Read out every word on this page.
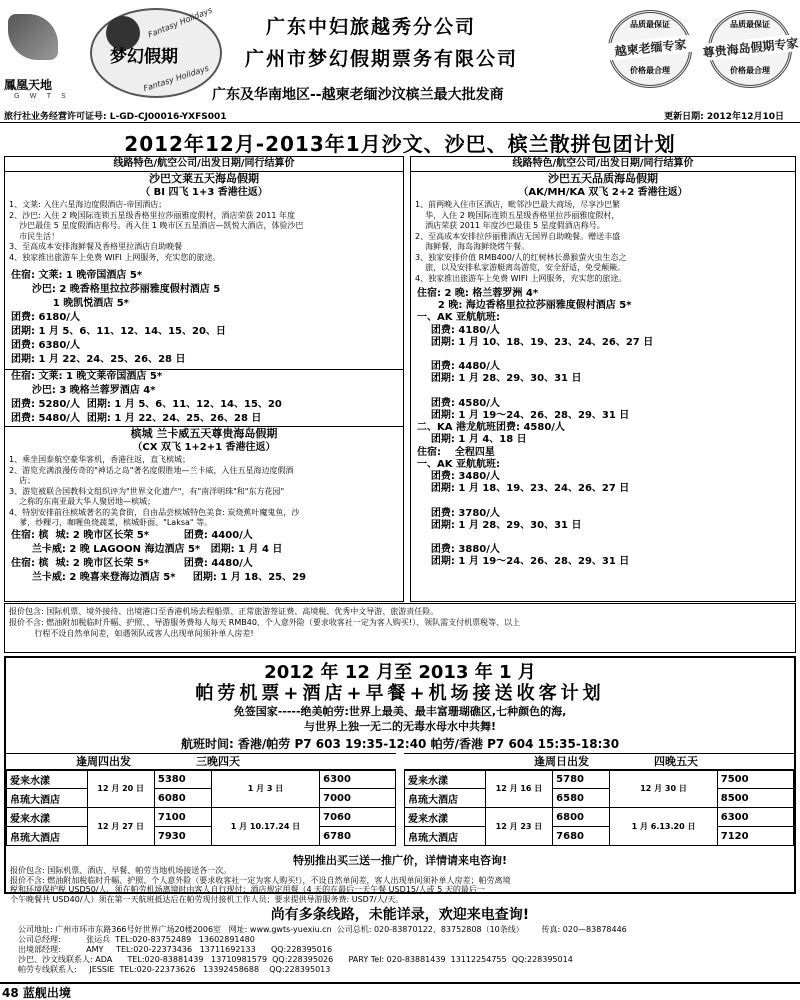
鳳凰天地
G W T S
Fantasy Holidays
梦幻假期
Fantasy Holidays
广东中妇旅越秀分公司
广州市梦幻假期票务有限公司
广东及华南地区--越柬老缅沙汶槟兰最大批发商
品质最保证
越柬老缅专家
价格最合理
品质最保证
尊贵海岛假期专家
价格最合理
旅行社业务经营许可证号: L-GD-CJ00016-YXFS001	更新日期: 2012年12月10日
2012年12月-2013年1月沙文、沙巴、槟兰散拼包团计划
线路特色/航空公司/出发日期/同行结算价
沙巴文莱五天海岛假期
（ BI 四飞 1+3 香港往返）
1、文莱: 入住六星海边度假酒店-帝国酒店；
2、沙巴: 入住 2 晚国际连锁五星级香格里拉莎丽雅度假村，酒店荣获 2011 年度
沙巴最佳 5 星度假酒店称号。再入住 1 晚市区五星酒店—凯悦大酒店，体验沙巴
市民生活！
3、至高成本安排海鲜餐及香格里拉酒店自助晚餐
4、独家推出旅游车上免费 WIFI 上网服务，充实您的旅途。
住宿: 文莱: 1 晚帝国酒店 5*
沙巴: 2 晚香格里拉拉莎丽雅度假村酒店 5
1 晚凯悦酒店 5*
团费: 6180/人
团期: 1 月 5、6、11、12、14、15、20、日
团费: 6380/人
团期: 1 月 22、24、25、26、28 日
住宿: 文莱: 1 晚文莱帝国酒店 5*
沙巴: 3 晚格兰蓉罗酒店 4*
团费: 5280/人  团期: 1 月 5、6、11、12、14、15、20
团费: 5480/人  团期: 1 月 22、24、25、26、28 日
槟城 兰卡威五天尊贵海岛假期
（CX 双飞 1+2+1 香港往返）
1、乘坐国泰航空豪华客机，香港往返，直飞槟城；
2、游览充满浪漫传奇的"神话之岛"著名度假胜地—兰卡威，入住五星海边度假酒
店；
3、游览被联合国教科文组织评为"世界文化遗产"，有"南洋明珠"和"东方花园"
之称的东南亚最大华人聚居地—槟城；
4、特别安排前往槟城著名的美食街，自由品尝槟城特色美食: 炭烧蕉叶魔鬼鱼，沙
爹，炒粿刁，咖喱鱼烧蔬菜，槟城虾面、"Laksa" 等。
住宿: 槟  城: 2 晚市区长荣 5*          团费: 4400/人
兰卡威: 2 晚 LAGOON 海边酒店 5*   团期: 1 月 4 日
住宿: 槟  城: 2 晚市区长荣 5*          团费: 4480/人
兰卡威: 2 晚喜来登海边酒店 5*     团期: 1 月 18、25、29
线路特色/航空公司/出发日期/同行结算价
沙巴五天品质海岛假期
（AK/MH/KA 双飞 2+2 香港往返）
1、前两晚入住市区酒店，毗邻沙巴最大商场，尽享沙巴繁
华，入住 2 晚国际连锁五星级香格里拉莎丽雅度假村，
酒店荣获 2011 年度沙巴最佳 5 星度假酒店称号。
2、至高成本安排拉莎丽雅酒店无国界自助晚餐。赠送丰盛
海鲜餐，海岛海鲜烧烤午餐。
3、独家安排价值 RMB400/人的红树林长鼻猴萤火虫生态之
旅，以及安排私家游艇离岛游览，安全舒适，免受颠簸。
4、独家推出旅游车上免费 WIFI 上网服务，充实您的旅途。
住宿: 2 晚: 格兰蓉罗洲 4*
2 晚: 海边香格里拉拉莎丽雅度假村酒店 5*
一、AK 亚航航班:
团费: 4180/人
团期: 1 月 10、18、19、23、24、26、27 日

团费: 4480/人
团期: 1 月 28、29、30、31 日

团费: 4580/人
团期: 1 月 19～24、26、28、29、31 日
二、KA 港龙航班团费: 4580/人
团期: 1 月 4、18 日
住宿:    全程四星
一、AK 亚航航班:
团费: 3480/人
团期: 1 月 18、19、23、24、26、27 日

团费: 3780/人
团期: 1 月 28、29、30、31 日

团费: 3880/人
团期: 1 月 19～24、26、28、29、31 日
报价包含: 国际机票、境外接待、出境港口至香港机场去程船票、正常旅游签证费、高境税、优秀中文导游、旅游责任险。
报价不含: 燃油附加税临时升幅、护照、、导游服务费每人每天 RMB40、个人意外险（要求收客社一定为客人购买!）、领队需支付机票税等、以上
行程不设自然单间差，如遇领队或客人出现单间须补单人房差!
2012 年 12 月至 2013 年 1 月
帕劳机票+酒店+早餐+机场接送收客计划
免签国家-----绝美帕劳:世界上最美、最丰富珊瑚礁区,七种颜色的海,
与世界上独一无二的无毒水母水中共舞!
航班时间: 香港/帕劳 P7 603 19:35-12:40 帕劳/香港 P7 604 15:35-18:30
逢周四出发	三晚四天
爱来水漾	12 月 20 日	5380	1 月 3 日	6300
帛琉大酒店		6080		7000
爱来水漾	12 月 27 日	7100	1 月 10.17.24 日	7060
帛琉大酒店		7930		6780
逢周日出发	四晚五天
爱来水漾	12 月 16 日	5780	12 月 30 日	7500
帛琉大酒店		6580		8500
爱来水漾	12 月 23 日	6800	1 月 6.13.20 日	6300
帛琉大酒店		7680		7120
特别推出买三送一推广价，详情请来电咨询!
报价包含: 国际机票、酒店、早餐、帕劳当地机场接送各一次。
报价不含: 燃油附加税临时升幅、护照、个人意外险（要求收客社一定为客人购买!），不设自然单间差，客人出现单间须补单人房差；帕劳离境
税和环境保护税 USD50/人，须在帕劳机场离境时由客人自行现付；酒店规定用餐（4 天的在最后一天午餐 USD15/人或 5 天的最后一
个午晚餐共 USD40/人）须在第一天航班抵达后在帕劳现付接机工作人员；要求提供导游服务费: USD7/人/天。
尚有多条线路，未能详录，欢迎来电查询!
公司地址: 广州市环市东路366号好世界广场20楼2006室   网址: www.gwts-yuexiu.cn  公司总机: 020-83870122、83752808（10条线）       传真: 020—83878446
公司总经理:          张运兵  TEL:020-83752489   13602891480
出境部经理:          AMY     TEL:020-22373436   13711692133      QQ:228395016
沙巴、沙文线联系人: ADA      TEL:020-83881439   13710981579  QQ:228395026      PARY Tel: 020-83881439  13112254755  QQ:228395014
帕劳专线联系人:     JESSIE  TEL:020-22373626   13392458688    QQ:228395013
48 蓝舰出境
